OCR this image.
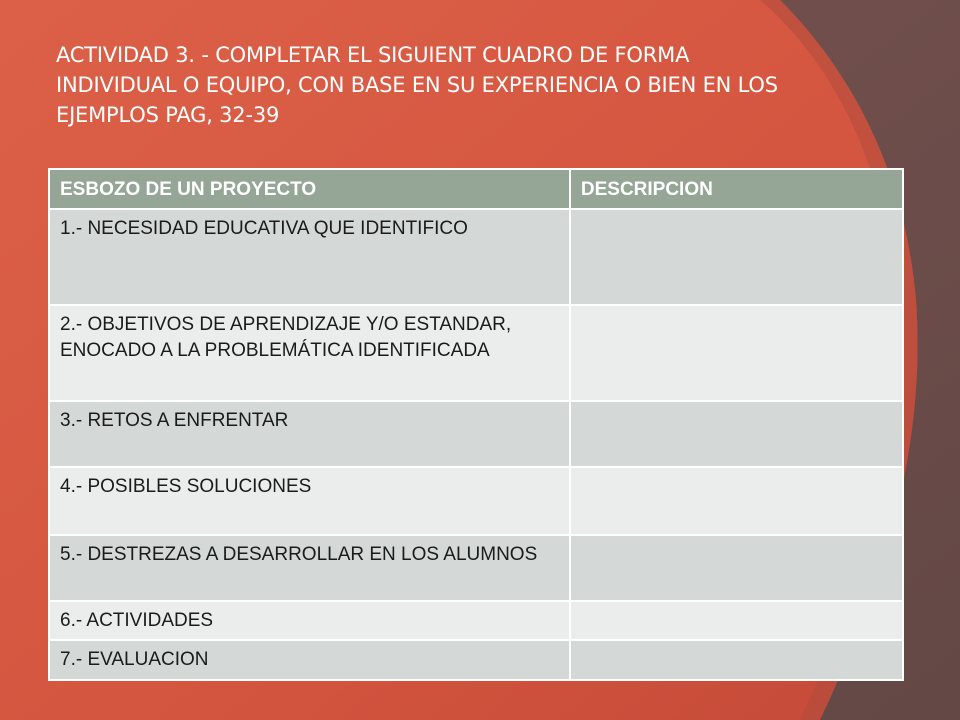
ACTIVIDAD 3. - COMPLETAR EL SIGUIENT CUADRO DE FORMA INDIVIDUAL O EQUIPO, CON BASE EN SU EXPERIENCIA O BIEN EN LOS EJEMPLOS PAG, 32-39
ESBOZO DE UN PROYECTO	DESCRIPCION
1.- NECESIDAD EDUCATIVA QUE IDENTIFICO	
2.- OBJETIVOS DE APRENDIZAJE Y/O ESTANDAR, ENOCADO A LA PROBLEMÁTICA IDENTIFICADA	
3.- RETOS A ENFRENTAR	
4.- POSIBLES SOLUCIONES	
5.- DESTREZAS A DESARROLLAR EN LOS ALUMNOS	
6.- ACTIVIDADES	
7.- EVALUACION	
